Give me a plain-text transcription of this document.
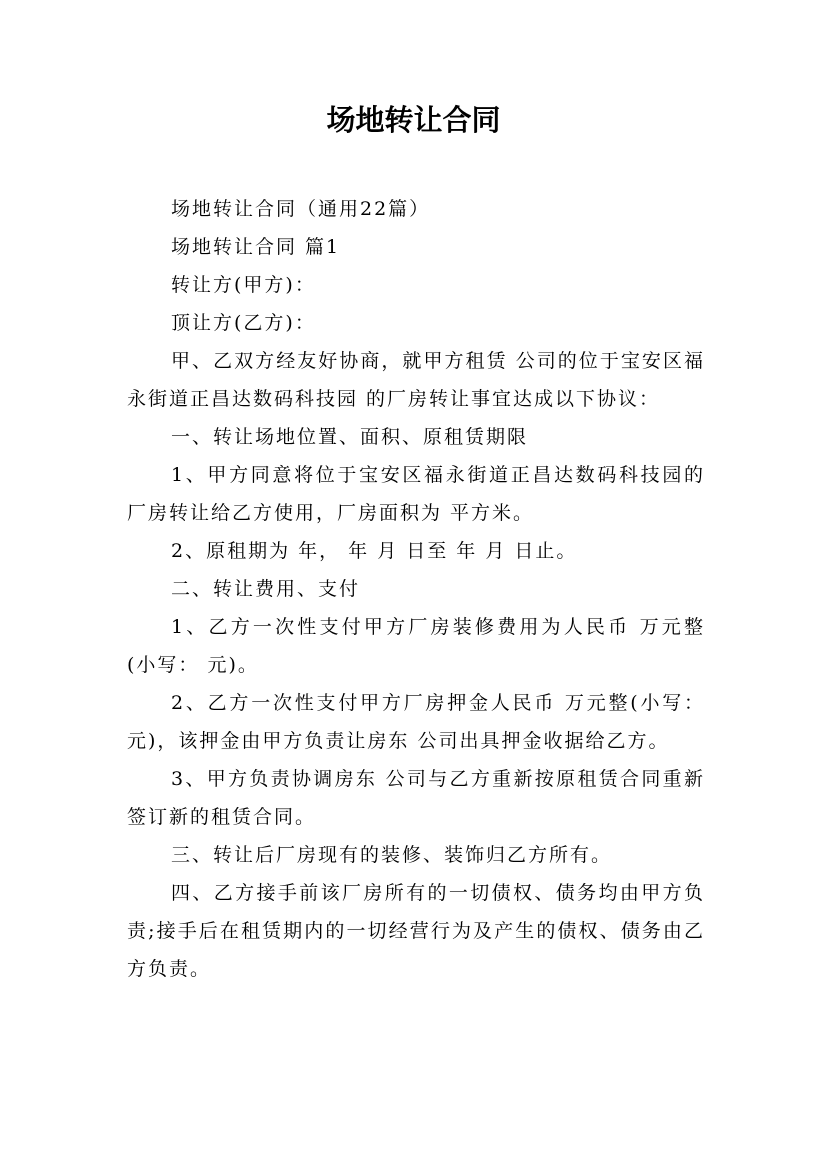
场地转让合同

场地转让合同（通用22篇）

场地转让合同 篇1

转让方(甲方)：

顶让方(乙方)：

甲、乙双方经友好协商，就甲方租赁 公司的位于宝安区福永街道正昌达数码科技园 的厂房转让事宜达成以下协议：

一、转让场地位置、面积、原租赁期限

1、甲方同意将位于宝安区福永街道正昌达数码科技园的厂房转让给乙方使用，厂房面积为 平方米。

2、原租期为 年， 年 月 日至 年 月 日止。

二、转让费用、支付

1、乙方一次性支付甲方厂房装修费用为人民币 万元整(小写： 元)。

2、乙方一次性支付甲方厂房押金人民币 万元整(小写： 元)，该押金由甲方负责让房东 公司出具押金收据给乙方。

3、甲方负责协调房东 公司与乙方重新按原租赁合同重新签订新的租赁合同。

三、转让后厂房现有的装修、装饰归乙方所有。

四、乙方接手前该厂房所有的一切债权、债务均由甲方负责;接手后在租赁期内的一切经营行为及产生的债权、债务由乙方负责。
